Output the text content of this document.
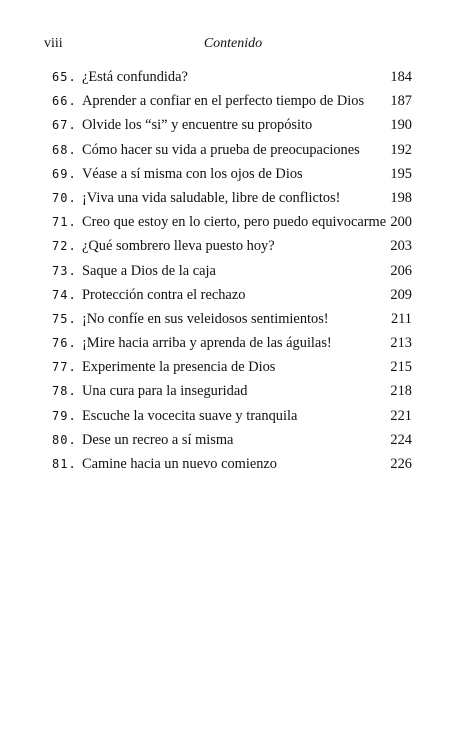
viii	Contenido
65. ¿Está confundida?	184
66. Aprender a confiar en el perfecto tiempo de Dios	187
67. Olvide los “si” y encuentre su propósito	190
68. Cómo hacer su vida a prueba de preocupaciones	192
69. Véase a sí misma con los ojos de Dios	195
70. ¡Viva una vida saludable, libre de conflictos!	198
71. Creo que estoy en lo cierto, pero puedo equivocarme 200
72. ¿Qué sombrero lleva puesto hoy?	203
73. Saque a Dios de la caja	206
74. Protección contra el rechazo	209
75. ¡No confíe en sus veleidosos sentimientos!	211
76. ¡Mire hacia arriba y aprenda de las águilas!	213
77. Experimente la presencia de Dios	215
78. Una cura para la inseguridad	218
79. Escuche la vocecita suave y tranquila	221
80. Dese un recreo a sí misma	224
81. Camine hacia un nuevo comienzo	226
